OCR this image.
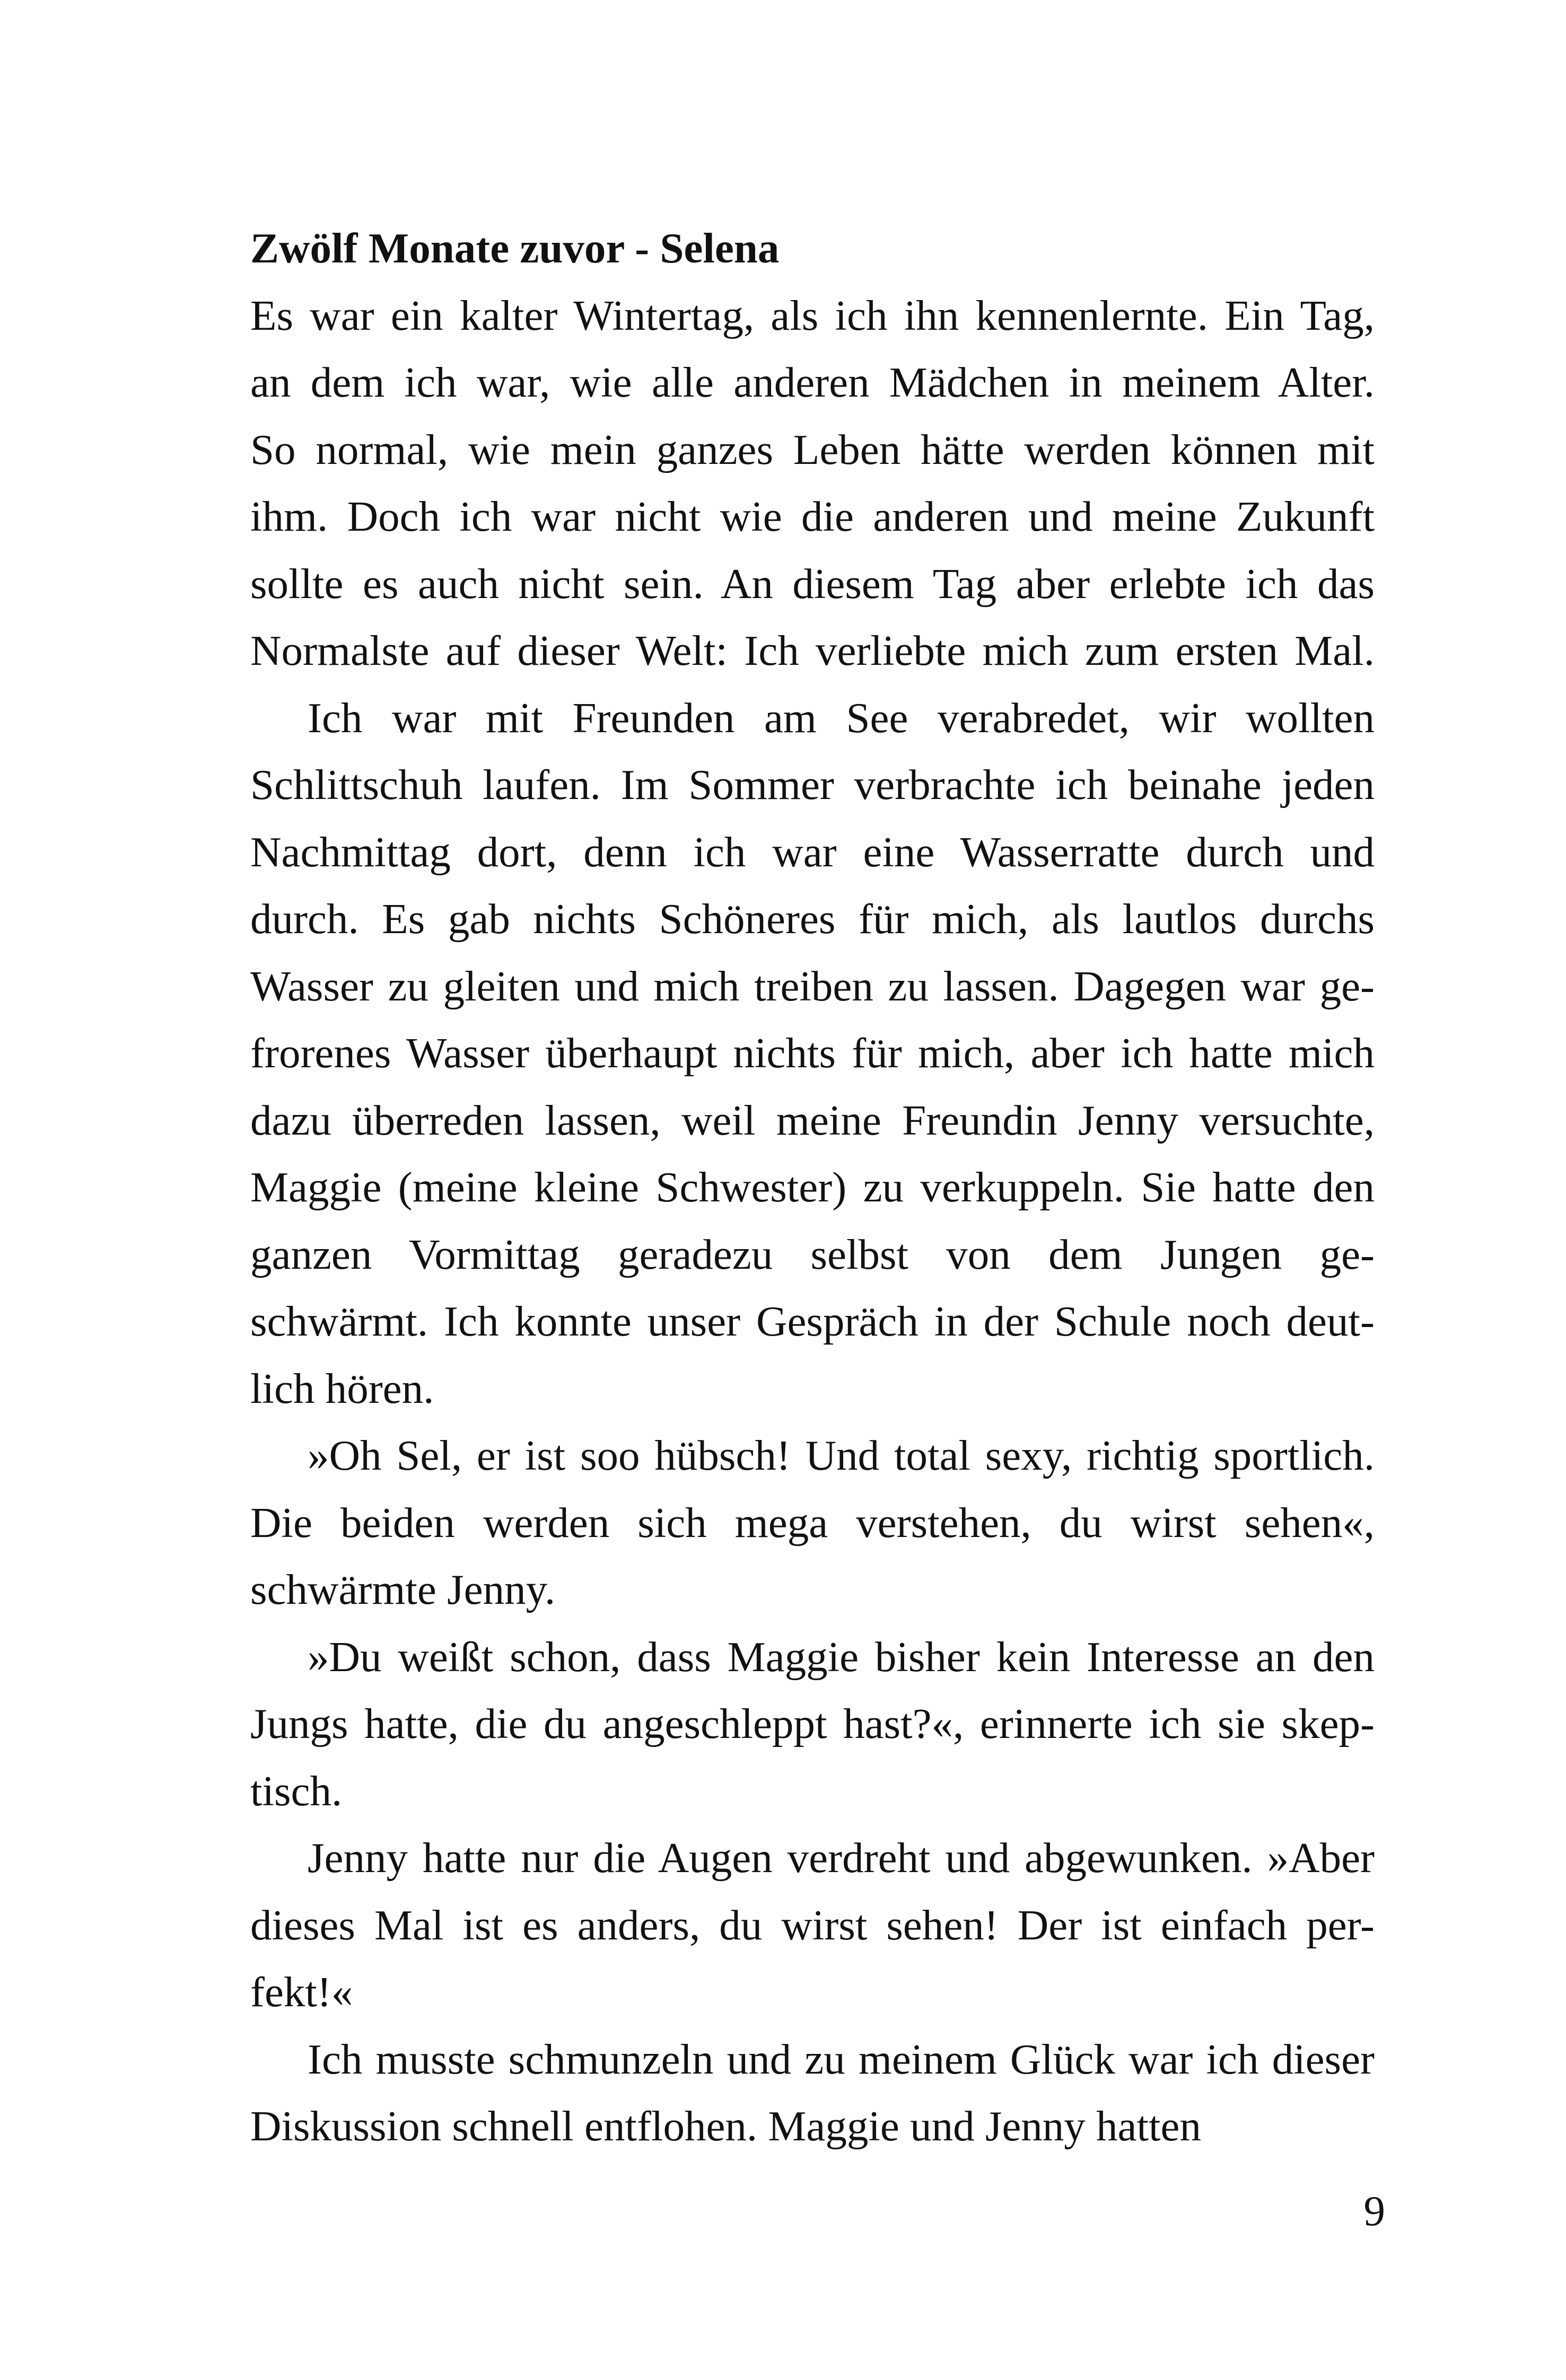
Zwölf Monate zuvor - Selena
Es war ein kalter Wintertag, als ich ihn kennenlernte. Ein Tag,
an dem ich war, wie alle anderen Mädchen in meinem Alter.
So normal, wie mein ganzes Leben hätte werden können mit
ihm. Doch ich war nicht wie die anderen und meine Zukunft
sollte es auch nicht sein. An diesem Tag aber erlebte ich das
Normalste auf dieser Welt: Ich verliebte mich zum ersten Mal.
Ich war mit Freunden am See verabredet, wir wollten
Schlittschuh laufen. Im Sommer verbrachte ich beinahe jeden
Nachmittag dort, denn ich war eine Wasserratte durch und
durch. Es gab nichts Schöneres für mich, als lautlos durchs
Wasser zu gleiten und mich treiben zu lassen. Dagegen war ge-
frorenes Wasser überhaupt nichts für mich, aber ich hatte mich
dazu überreden lassen, weil meine Freundin Jenny versuchte,
Maggie (meine kleine Schwester) zu verkuppeln. Sie hatte den
ganzen Vormittag geradezu selbst von dem Jungen ge-
schwärmt. Ich konnte unser Gespräch in der Schule noch deut-
lich hören.
»Oh Sel, er ist soo hübsch! Und total sexy, richtig sportlich.
Die beiden werden sich mega verstehen, du wirst sehen«,
schwärmte Jenny.
»Du weißt schon, dass Maggie bisher kein Interesse an den
Jungs hatte, die du angeschleppt hast?«, erinnerte ich sie skep-
tisch.
Jenny hatte nur die Augen verdreht und abgewunken. »Aber
dieses Mal ist es anders, du wirst sehen! Der ist einfach per-
fekt!«
Ich musste schmunzeln und zu meinem Glück war ich dieser
Diskussion schnell entflohen. Maggie und Jenny hatten
9
